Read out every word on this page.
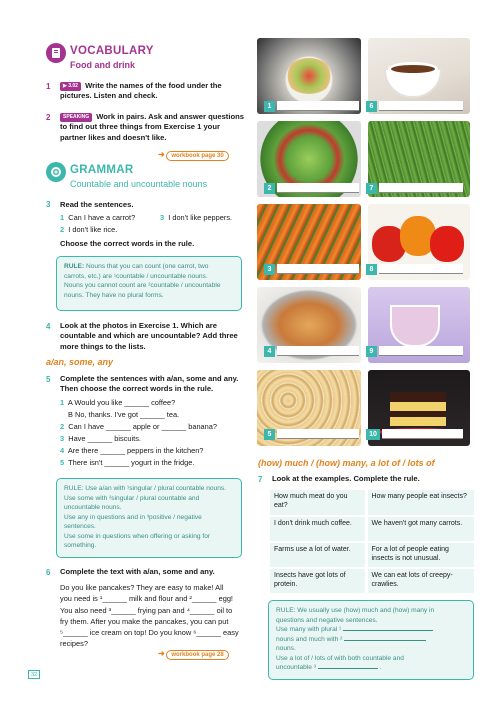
VOCABULARY
Food and drink
1	▶ 3.02 Write the names of the food under the pictures. Listen and check.
2	SPEAKING Work in pairs. Ask and answer questions to find out three things from Exercise 1 your partner likes and doesn't like.
➜ workbook page 30
GRAMMAR
Countable and uncountable nouns
3 Read the sentences.
1 Can I have a carrot?
2 I don't like rice.
3 I don't like peppers.
Choose the correct words in the rule.
RULE: Nouns that you can count (one carrot, two
carrots, etc.) are ¹countable / uncountable nouns.
Nouns you cannot count are ²countable / uncountable
nouns. They have no plural forms.
4 Look at the photos in Exercise 1. Which are countable and which are uncountable? Add three more things to the lists.
a/an, some, any
5 Complete the sentences with a/an, some and any. Then choose the correct words in the rule.
1 A Would you like ______ coffee?
B No, thanks. I've got ______ tea.
2 Can I have ______ apple or ______ banana?
3 Have ______ biscuits.
4 Are there ______ peppers in the kitchen?
5 There isn't ______ yogurt in the fridge.
RULE: Use a/an with ¹singular / plural countable nouns.
Use some with ²singular / plural countable and
uncountable nouns.
Use any in questions and in ³positive / negative
sentences.
Use some in questions when offering or asking for
something.
6 Complete the text with a/an, some and any.
Do you like pancakes? They are easy to make! All
you need is ¹______ milk and flour and ²______ egg!
You also need ³______ frying pan and ⁴______ oil to
fry them. After you make the pancakes, you can put
⁵______ ice cream on top! Do you know ⁶______ easy
recipes?
➜ workbook page 28
1	6
2	7
3	8
4	9
5	10
(how) much / (how) many, a lot of / lots of
7 Look at the examples. Complete the rule.
How much meat do you eat?	How many people eat insects?
I don't drink much coffee.	We haven't got many carrots.
Farms use a lot of water.	For a lot of people eating insects is not unusual.
Insects have got lots of protein.	We can eat lots of creepy-crawlies.
RULE: We usually use (how) much and (how) many in
questions and negative sentences.
Use many with plural ¹
nouns and much with ²
nouns.
Use a lot of / lots of with both countable and
uncountable ³	.
32
